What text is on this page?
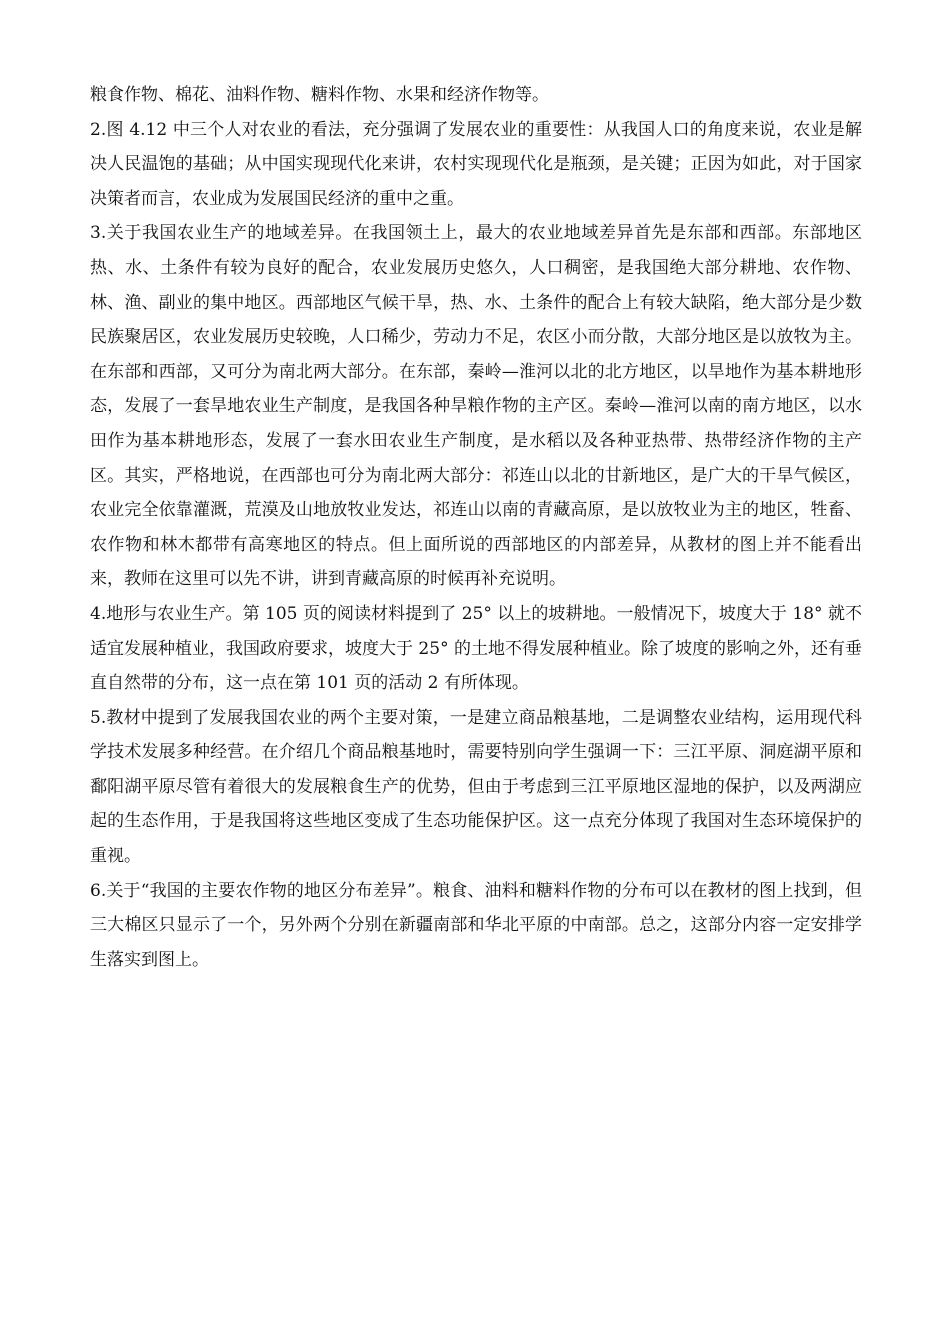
粮食作物、棉花、油料作物、糖料作物、水果和经济作物等。

2.图 4.12 中三个人对农业的看法，充分强调了发展农业的重要性：从我国人口的角度来说，农业是解决人民温饱的基础；从中国实现现代化来讲，农村实现现代化是瓶颈，是关键；正因为如此，对于国家决策者而言，农业成为发展国民经济的重中之重。

3.关于我国农业生产的地域差异。在我国领土上，最大的农业地域差异首先是东部和西部。东部地区热、水、土条件有较为良好的配合，农业发展历史悠久，人口稠密，是我国绝大部分耕地、农作物、林、渔、副业的集中地区。西部地区气候干旱，热、水、土条件的配合上有较大缺陷，绝大部分是少数民族聚居区，农业发展历史较晚，人口稀少，劳动力不足，农区小而分散，大部分地区是以放牧为主。在东部和西部，又可分为南北两大部分。在东部，秦岭—淮河以北的北方地区，以旱地作为基本耕地形态，发展了一套旱地农业生产制度，是我国各种旱粮作物的主产区。秦岭—淮河以南的南方地区，以水田作为基本耕地形态，发展了一套水田农业生产制度，是水稻以及各种亚热带、热带经济作物的主产区。其实，严格地说，在西部也可分为南北两大部分：祁连山以北的甘新地区，是广大的干旱气候区，农业完全依靠灌溉，荒漠及山地放牧业发达，祁连山以南的青藏高原，是以放牧业为主的地区，牲畜、农作物和林木都带有高寒地区的特点。但上面所说的西部地区的内部差异，从教材的图上并不能看出来，教师在这里可以先不讲，讲到青藏高原的时候再补充说明。

4.地形与农业生产。第 105 页的阅读材料提到了 25° 以上的坡耕地。一般情况下，坡度大于 18° 就不适宜发展种植业，我国政府要求，坡度大于 25° 的土地不得发展种植业。除了坡度的影响之外，还有垂直自然带的分布，这一点在第 101 页的活动 2 有所体现。

5.教材中提到了发展我国农业的两个主要对策，一是建立商品粮基地，二是调整农业结构，运用现代科学技术发展多种经营。在介绍几个商品粮基地时，需要特别向学生强调一下：三江平原、洞庭湖平原和鄱阳湖平原尽管有着很大的发展粮食生产的优势，但由于考虑到三江平原地区湿地的保护，以及两湖应起的生态作用，于是我国将这些地区变成了生态功能保护区。这一点充分体现了我国对生态环境保护的重视。

6.关于“我国的主要农作物的地区分布差异”。粮食、油料和糖料作物的分布可以在教材的图上找到，但三大棉区只显示了一个，另外两个分别在新疆南部和华北平原的中南部。总之，这部分内容一定安排学生落实到图上。
